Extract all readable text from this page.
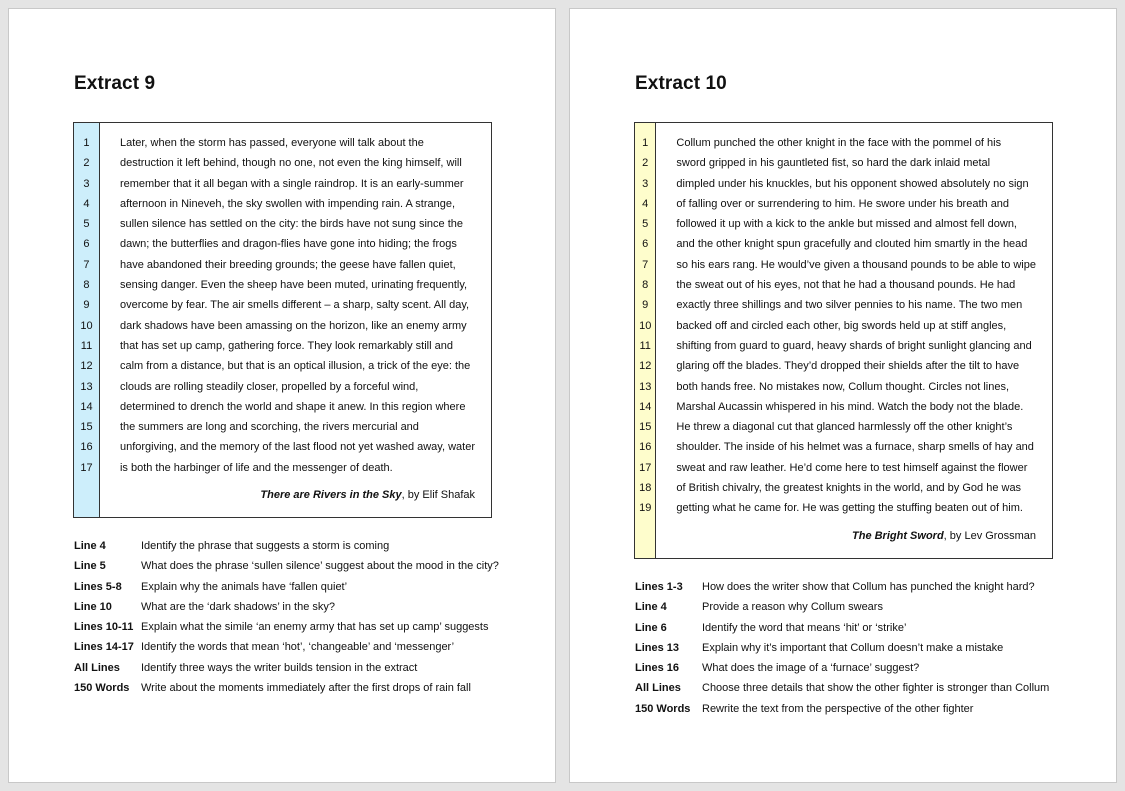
Extract 9
1
2
3
4
5
6
7
8
9
10
11
12
13
14
15
16
17
Later, when the storm has passed, everyone will talk about the
destruction it left behind, though no one, not even the king himself, will
remember that it all began with a single raindrop. It is an early-summer
afternoon in Nineveh, the sky swollen with impending rain. A strange,
sullen silence has settled on the city: the birds have not sung since the
dawn; the butterflies and dragon-flies have gone into hiding; the frogs
have abandoned their breeding grounds; the geese have fallen quiet,
sensing danger. Even the sheep have been muted, urinating frequently,
overcome by fear. The air smells different – a sharp, salty scent. All day,
dark shadows have been amassing on the horizon, like an enemy army
that has set up camp, gathering force. They look remarkably still and
calm from a distance, but that is an optical illusion, a trick of the eye: the
clouds are rolling steadily closer, propelled by a forceful wind,
determined to drench the world and shape it anew. In this region where
the summers are long and scorching, the rivers mercurial and
unforgiving, and the memory of the last flood not yet washed away, water
is both the harbinger of life and the messenger of death.
There are Rivers in the Sky, by Elif Shafak
Line 4	Identify the phrase that suggests a storm is coming
Line 5	What does the phrase ‘sullen silence’ suggest about the mood in the city?
Lines 5-8	Explain why the animals have ‘fallen quiet’
Line 10	What are the ‘dark shadows’ in the sky?
Lines 10-11 Explain what the simile ‘an enemy army that has set up camp’ suggests
Lines 14-17 Identify the words that mean ‘hot’, ‘changeable’ and ‘messenger’
All Lines	Identify three ways the writer builds tension in the extract
150 Words	Write about the moments immediately after the first drops of rain fall
Extract 10
1
2
3
4
5
6
7
8
9
10
11
12
13
14
15
16
17
18
19
Collum punched the other knight in the face with the pommel of his
sword gripped in his gauntleted fist, so hard the dark inlaid metal
dimpled under his knuckles, but his opponent showed absolutely no sign
of falling over or surrendering to him. He swore under his breath and
followed it up with a kick to the ankle but missed and almost fell down,
and the other knight spun gracefully and clouted him smartly in the head
so his ears rang. He would’ve given a thousand pounds to be able to wipe
the sweat out of his eyes, not that he had a thousand pounds. He had
exactly three shillings and two silver pennies to his name. The two men
backed off and circled each other, big swords held up at stiff angles,
shifting from guard to guard, heavy shards of bright sunlight glancing and
glaring off the blades. They’d dropped their shields after the tilt to have
both hands free. No mistakes now, Collum thought. Circles not lines,
Marshal Aucassin whispered in his mind. Watch the body not the blade.
He threw a diagonal cut that glanced harmlessly off the other knight’s
shoulder. The inside of his helmet was a furnace, sharp smells of hay and
sweat and raw leather. He’d come here to test himself against the flower
of British chivalry, the greatest knights in the world, and by God he was
getting what he came for. He was getting the stuffing beaten out of him.
The Bright Sword, by Lev Grossman
Lines 1-3	How does the writer show that Collum has punched the knight hard?
Line 4	Provide a reason why Collum swears
Line 6	Identify the word that means ‘hit’ or ‘strike’
Lines 13	Explain why it’s important that Collum doesn’t make a mistake
Lines 16	What does the image of a ‘furnace’ suggest?
All Lines	Choose three details that show the other fighter is stronger than Collum
150 Words	Rewrite the text from the perspective of the other fighter
